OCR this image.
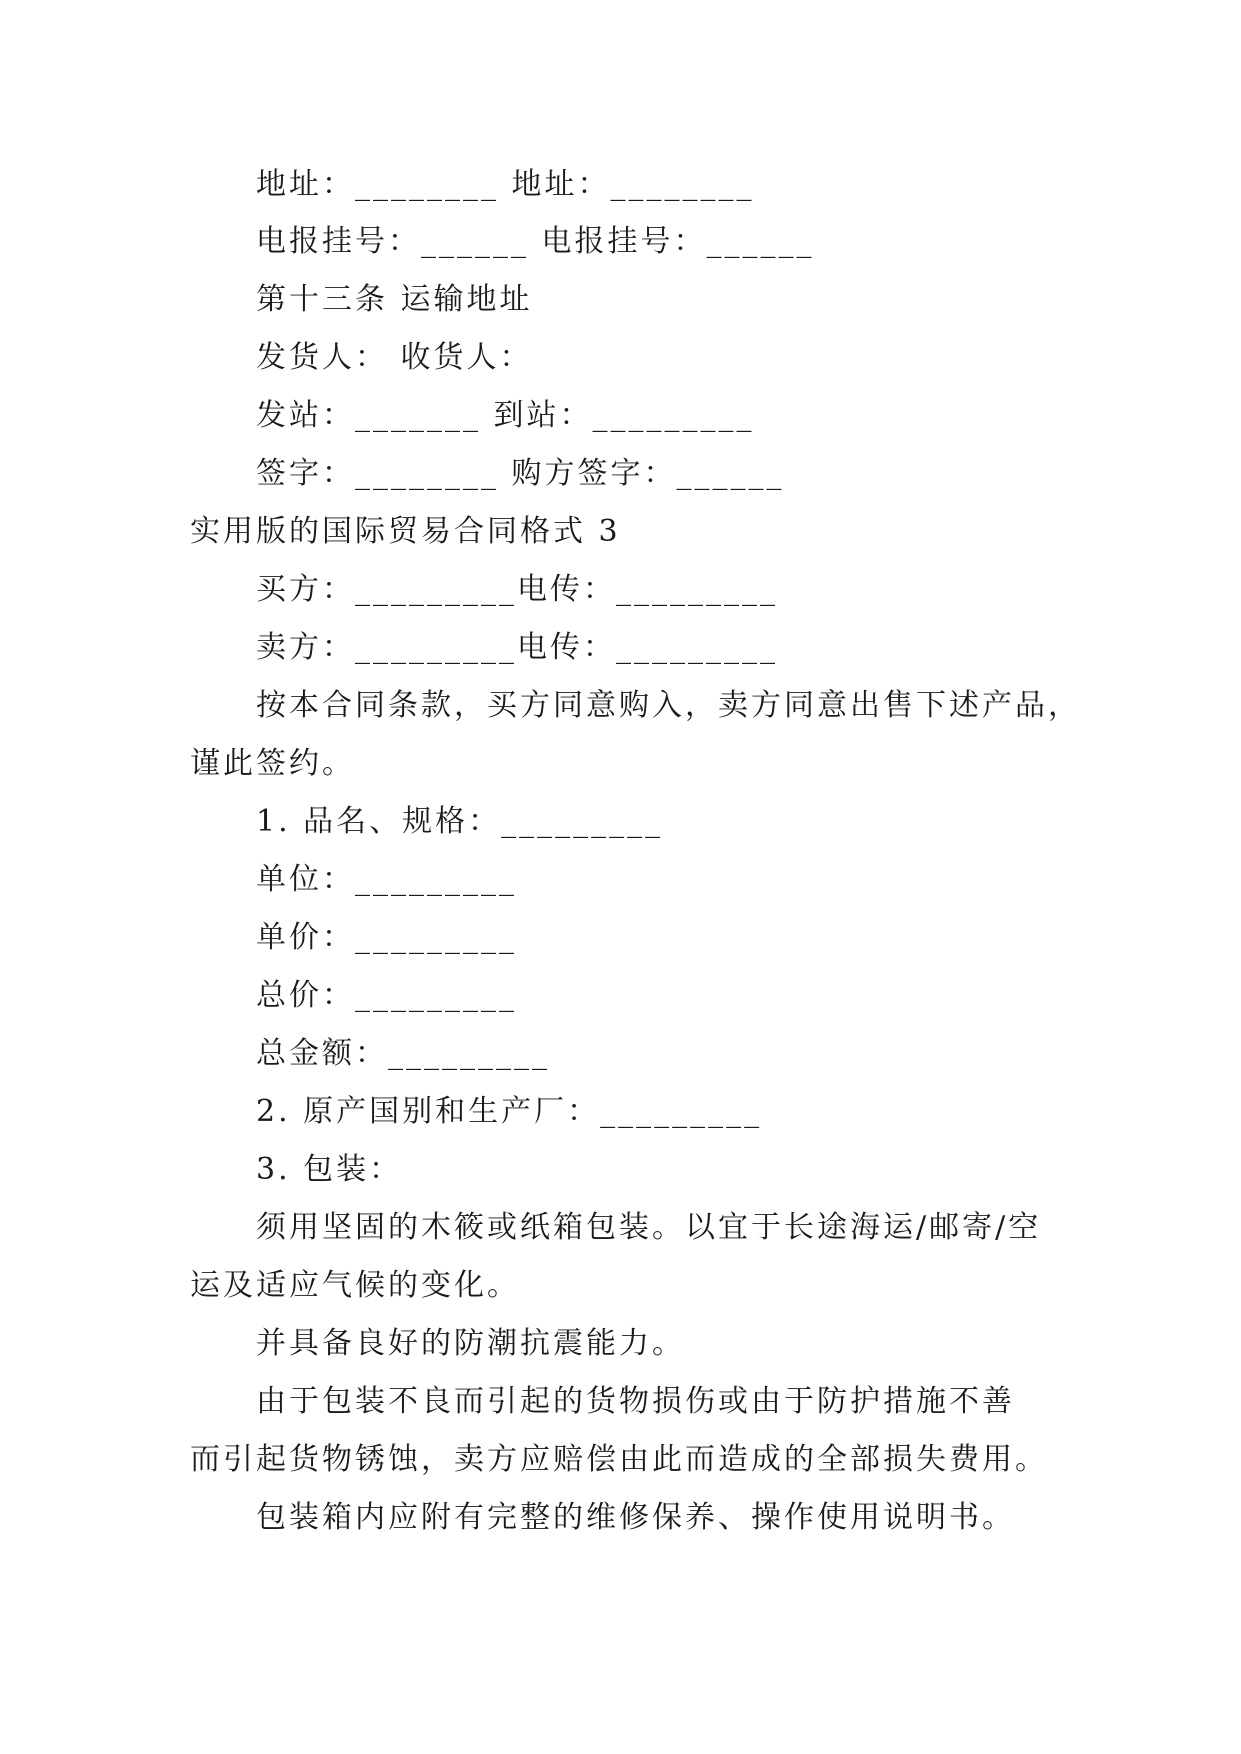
地址：________ 地址：________
电报挂号：______ 电报挂号：______
第十三条 运输地址
发货人： 收货人：
发站：_______ 到站：_________
签字：________ 购方签字：______
实用版的国际贸易合同格式 3
买方：_________电传：_________
卖方：_________电传：_________
按本合同条款，买方同意购入，卖方同意出售下述产品，
谨此签约。
1. 品名、规格：_________
单位：_________
单价：_________
总价：_________
总金额：_________
2. 原产国别和生产厂：_________
3. 包装：
须用坚固的木筱或纸箱包装。以宜于长途海运/邮寄/空
运及适应气候的变化。
并具备良好的防潮抗震能力。
由于包装不良而引起的货物损伤或由于防护措施不善
而引起货物锈蚀，卖方应赔偿由此而造成的全部损失费用。
包装箱内应附有完整的维修保养、操作使用说明书。
